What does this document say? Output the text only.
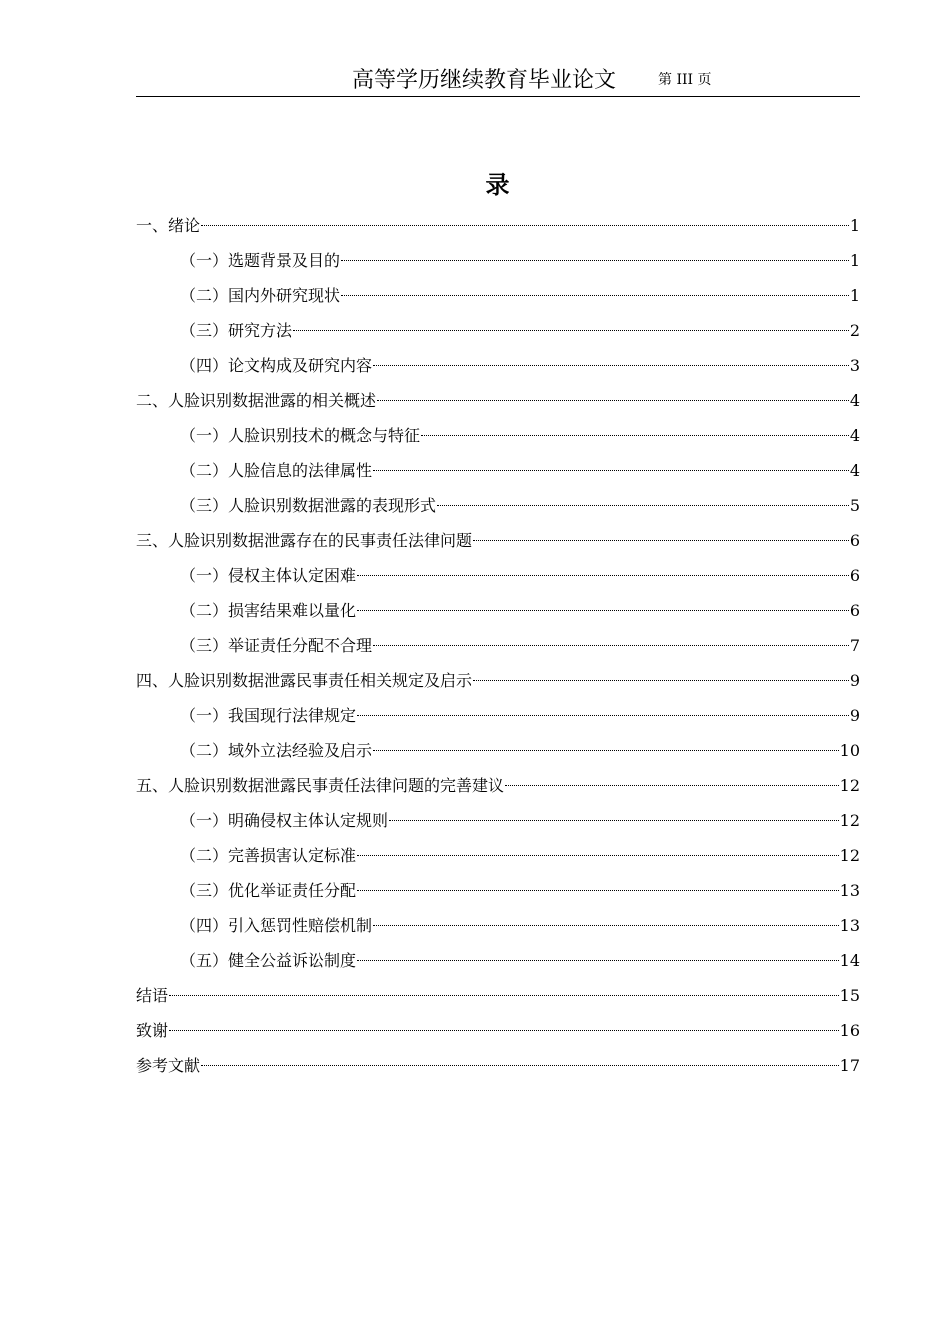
高等学历继续教育毕业论文	第 III 页
录
一、绪论	1
（一）选题背景及目的	1
（二）国内外研究现状	1
（三）研究方法	2
（四）论文构成及研究内容	3
二、人脸识别数据泄露的相关概述	4
（一）人脸识别技术的概念与特征	4
（二）人脸信息的法律属性	4
（三）人脸识别数据泄露的表现形式	5
三、人脸识别数据泄露存在的民事责任法律问题	6
（一）侵权主体认定困难	6
（二）损害结果难以量化	6
（三）举证责任分配不合理	7
四、人脸识别数据泄露民事责任相关规定及启示	9
（一）我国现行法律规定	9
（二）域外立法经验及启示	10
五、人脸识别数据泄露民事责任法律问题的完善建议	12
（一）明确侵权主体认定规则	12
（二）完善损害认定标准	12
（三）优化举证责任分配	13
（四）引入惩罚性赔偿机制	13
（五）健全公益诉讼制度	14
结语	15
致谢	16
参考文献	17
